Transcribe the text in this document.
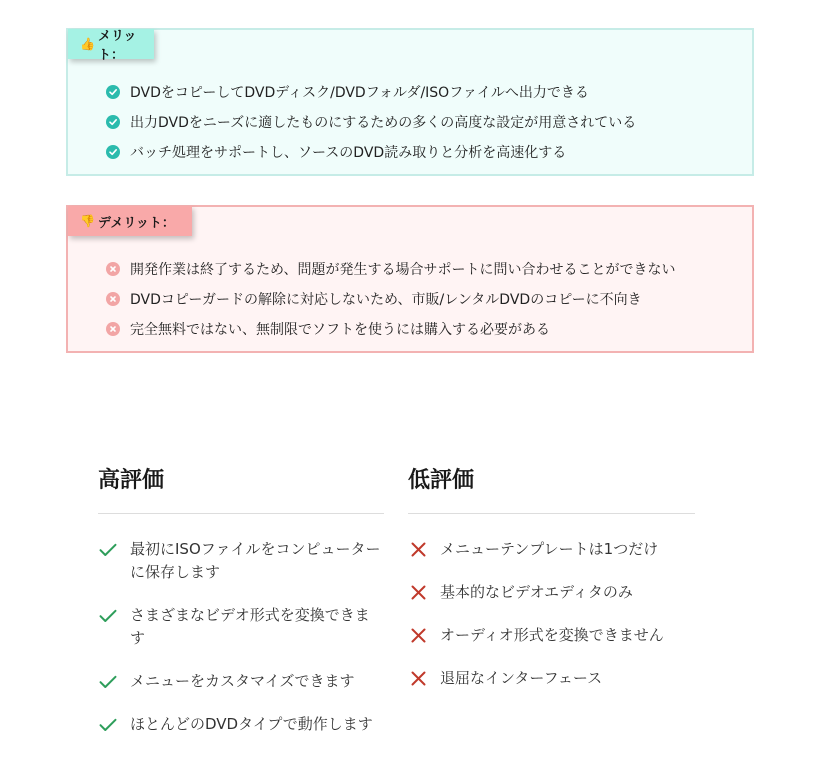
👍 メリット：
DVDをコピーしてDVDディスク/DVDフォルダ/ISOファイルへ出力できる
出力DVDをニーズに適したものにするための多くの高度な設定が用意されている
バッチ処理をサポートし、ソースのDVD読み取りと分析を高速化する
👎 デメリット：
開発作業は終了するため、問題が発生する場合サポートに問い合わせることができない
DVDコピーガードの解除に対応しないため、市販/レンタルDVDのコピーに不向き
完全無料ではない、無制限でソフトを使うには購入する必要がある
高評価
最初にISOファイルをコンピューターに保存します
さまざまなビデオ形式を変換できます
メニューをカスタマイズできます
ほとんどのDVDタイプで動作します
低評価
メニューテンプレートは1つだけ
基本的なビデオエディタのみ
オーディオ形式を変換できません
退屈なインターフェース
